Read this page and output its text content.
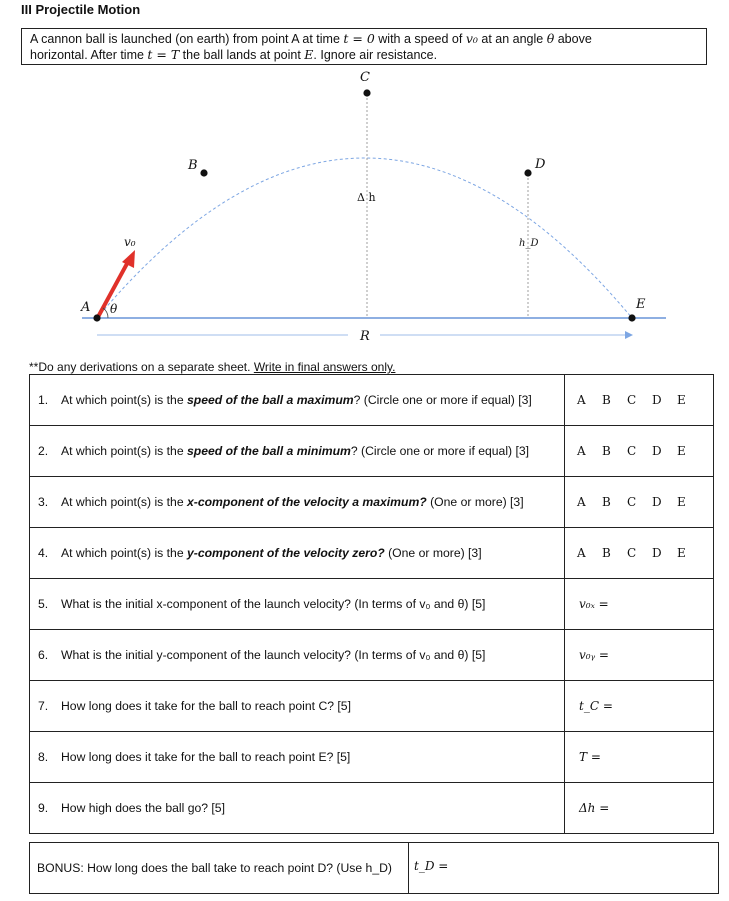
III Projectile Motion
A cannon ball is launched (on earth) from point A at time t = 0 with a speed of v₀ at an angle θ above
horizontal. After time t = T the ball lands at point E. Ignore air resistance.
A
B
C
D
E
θ
v₀
Δ h
h_D
R
**Do any derivations on a separate sheet. Write in final answers only.
1. At which point(s) is the speed of the ball a maximum? (Circle one or more if equal) [3]	A B C D E

2. At which point(s) is the speed of the ball a minimum? (Circle one or more if equal) [3]	A B C D E

3. At which point(s) is the x-component of the velocity a maximum? (One or more) [3]	A B C D E

4. At which point(s) is the y-component of the velocity zero? (One or more) [3]	A B C D E

5. What is the initial x-component of the launch velocity? (In terms of v₀ and θ) [5]	v₀ₓ =
6. What is the initial y-component of the launch velocity? (In terms of v₀ and θ) [5]	v₀ᵧ =
7. How long does it take for the ball to reach point C? [5]	t_C =
8. How long does it take for the ball to reach point E? [5]	T =
9. How high does the ball go? [5]	Δh =
BONUS: How long does the ball take to reach point D? (Use h_D) t_D =
